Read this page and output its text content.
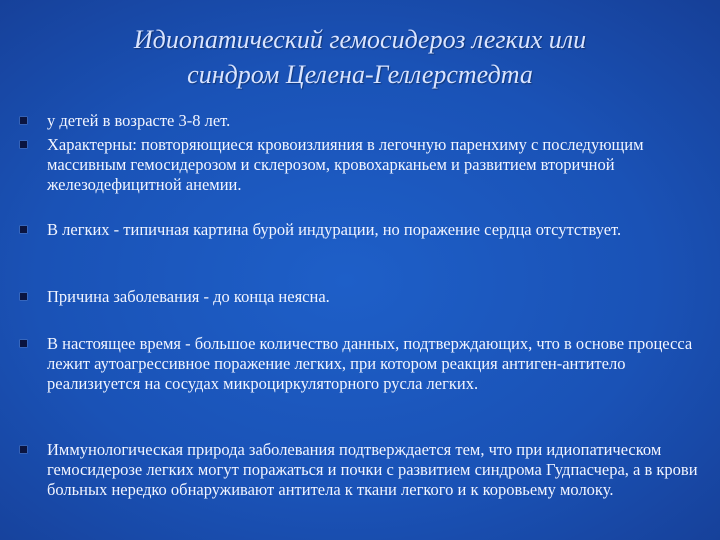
Идиопатический гемосидероз легких или
синдром Целена-Геллерстедта
у детей в возрасте 3-8 лет.
Характерны: повторяющиеся кровоизлияния в легочную паренхиму с последующим массивным гемосидерозом и склерозом, кровохарканьем и развитием вторичной железодефицитной анемии.
В легких - типичная картина бурой индурации, но поражение сердца отсутствует.
Причина заболевания - до конца неясна.
В настоящее время - большое количество данных, подтверждающих, что в основе процесса лежит аутоагрессивное поражение легких, при котором реакция антиген-антитело реализиуется на сосудах микроциркуляторного русла легких.
Иммунологическая природа заболевания подтверждается тем, что при идиопатическом гемосидерозе легких могут поражаться и почки с развитием синдрома Гудпасчера, а в крови больных нередко обнаруживают антитела к ткани легкого и к коровьему молоку.
